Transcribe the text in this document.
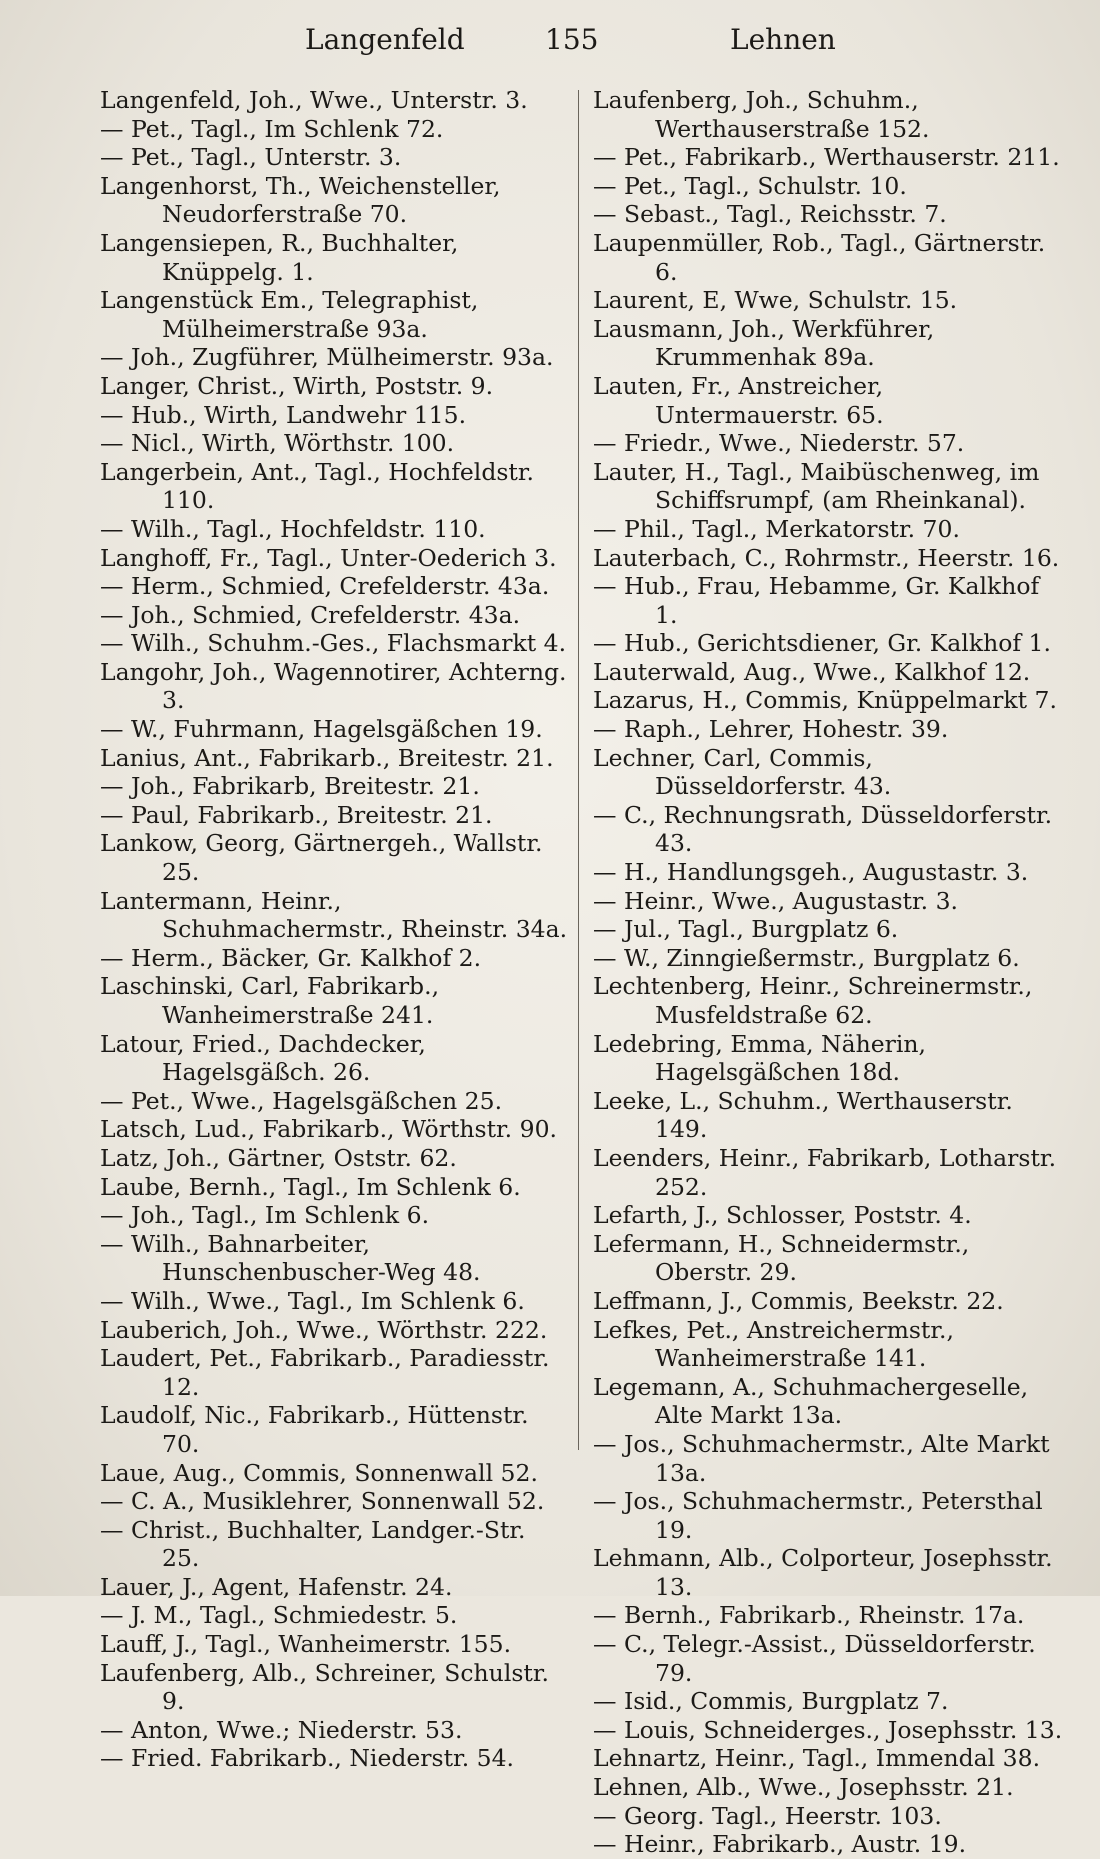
Langenfeld	155	Lehnen

Langenfeld, Joh., Wwe., Unterstr. 3.

— Pet., Tagl., Im Schlenk 72.

— Pet., Tagl., Unterstr. 3.

Langenhorst, Th., Weichensteller, Neudorferstraße 70.

Langensiepen, R., Buchhalter, Knüppelg. 1.

Langenstück Em., Telegraphist, Mülheimerstraße 93a.

— Joh., Zugführer, Mülheimerstr. 93a.

Langer, Christ., Wirth, Poststr. 9.

— Hub., Wirth, Landwehr 115.

— Nicl., Wirth, Wörthstr. 100.

Langerbein, Ant., Tagl., Hochfeldstr. 110.

— Wilh., Tagl., Hochfeldstr. 110.

Langhoff, Fr., Tagl., Unter-Oederich 3.

— Herm., Schmied, Crefelderstr. 43a.

— Joh., Schmied, Crefelderstr. 43a.

— Wilh., Schuhm.-Ges., Flachsmarkt 4.

Langohr, Joh., Wagennotirer, Achterng. 3.

— W., Fuhrmann, Hagelsgäßchen 19.

Lanius, Ant., Fabrikarb., Breitestr. 21.

— Joh., Fabrikarb, Breitestr. 21.

— Paul, Fabrikarb., Breitestr. 21.

Lankow, Georg, Gärtnergeh., Wallstr. 25.

Lantermann, Heinr., Schuhmachermstr., Rheinstr. 34a.

— Herm., Bäcker, Gr. Kalkhof 2.

Laschinski, Carl, Fabrikarb., Wanheimerstraße 241.

Latour, Fried., Dachdecker, Hagelsgäßch. 26.

— Pet., Wwe., Hagelsgäßchen 25.

Latsch, Lud., Fabrikarb., Wörthstr. 90.

Latz, Joh., Gärtner, Oststr. 62.

Laube, Bernh., Tagl., Im Schlenk 6.

— Joh., Tagl., Im Schlenk 6.

— Wilh., Bahnarbeiter, Hunschenbuscher-Weg 48.

— Wilh., Wwe., Tagl., Im Schlenk 6.

Lauberich, Joh., Wwe., Wörthstr. 222.

Laudert, Pet., Fabrikarb., Paradiesstr. 12.

Laudolf, Nic., Fabrikarb., Hüttenstr. 70.

Laue, Aug., Commis, Sonnenwall 52.

— C. A., Musiklehrer, Sonnenwall 52.

— Christ., Buchhalter, Landger.-Str. 25.

Lauer, J., Agent, Hafenstr. 24.

— J. M., Tagl., Schmiedestr. 5.

Lauff, J., Tagl., Wanheimerstr. 155.

Laufenberg, Alb., Schreiner, Schulstr. 9.

— Anton, Wwe.; Niederstr. 53.

— Fried. Fabrikarb., Niederstr. 54.

Laufenberg, Joh., Schuhm., Werthauserstraße 152.

— Pet., Fabrikarb., Werthauserstr. 211.

— Pet., Tagl., Schulstr. 10.

— Sebast., Tagl., Reichsstr. 7.

Laupenmüller, Rob., Tagl., Gärtnerstr. 6.

Laurent, E, Wwe, Schulstr. 15.

Lausmann, Joh., Werkführer, Krummenhak 89a.

Lauten, Fr., Anstreicher, Untermauerstr. 65.

— Friedr., Wwe., Niederstr. 57.

Lauter, H., Tagl., Maibüschenweg, im Schiffsrumpf, (am Rheinkanal).

— Phil., Tagl., Merkatorstr. 70.

Lauterbach, C., Rohrmstr., Heerstr. 16.

— Hub., Frau, Hebamme, Gr. Kalkhof 1.

— Hub., Gerichtsdiener, Gr. Kalkhof 1.

Lauterwald, Aug., Wwe., Kalkhof 12.

Lazarus, H., Commis, Knüppelmarkt 7.

— Raph., Lehrer, Hohestr. 39.

Lechner, Carl, Commis, Düsseldorferstr. 43.

— C., Rechnungsrath, Düsseldorferstr. 43.

— H., Handlungsgeh., Augustastr. 3.

— Heinr., Wwe., Augustastr. 3.

— Jul., Tagl., Burgplatz 6.

— W., Zinngießermstr., Burgplatz 6.

Lechtenberg, Heinr., Schreinermstr., Musfeldstraße 62.

Ledebring, Emma, Näherin, Hagelsgäßchen 18d.

Leeke, L., Schuhm., Werthauserstr. 149.

Leenders, Heinr., Fabrikarb, Lotharstr. 252.

Lefarth, J., Schlosser, Poststr. 4.

Lefermann, H., Schneidermstr., Oberstr. 29.

Leffmann, J., Commis, Beekstr. 22.

Lefkes, Pet., Anstreichermstr., Wanheimerstraße 141.

Legemann, A., Schuhmachergeselle, Alte Markt 13a.

— Jos., Schuhmachermstr., Alte Markt 13a.

— Jos., Schuhmachermstr., Petersthal 19.

Lehmann, Alb., Colporteur, Josephsstr. 13.

— Bernh., Fabrikarb., Rheinstr. 17a.

— C., Telegr.-Assist., Düsseldorferstr. 79.

— Isid., Commis, Burgplatz 7.

— Louis, Schneiderges., Josephsstr. 13.

Lehnartz, Heinr., Tagl., Immendal 38.

Lehnen, Alb., Wwe., Josephsstr. 21.

— Georg. Tagl., Heerstr. 103.

— Heinr., Fabrikarb., Austr. 19.
